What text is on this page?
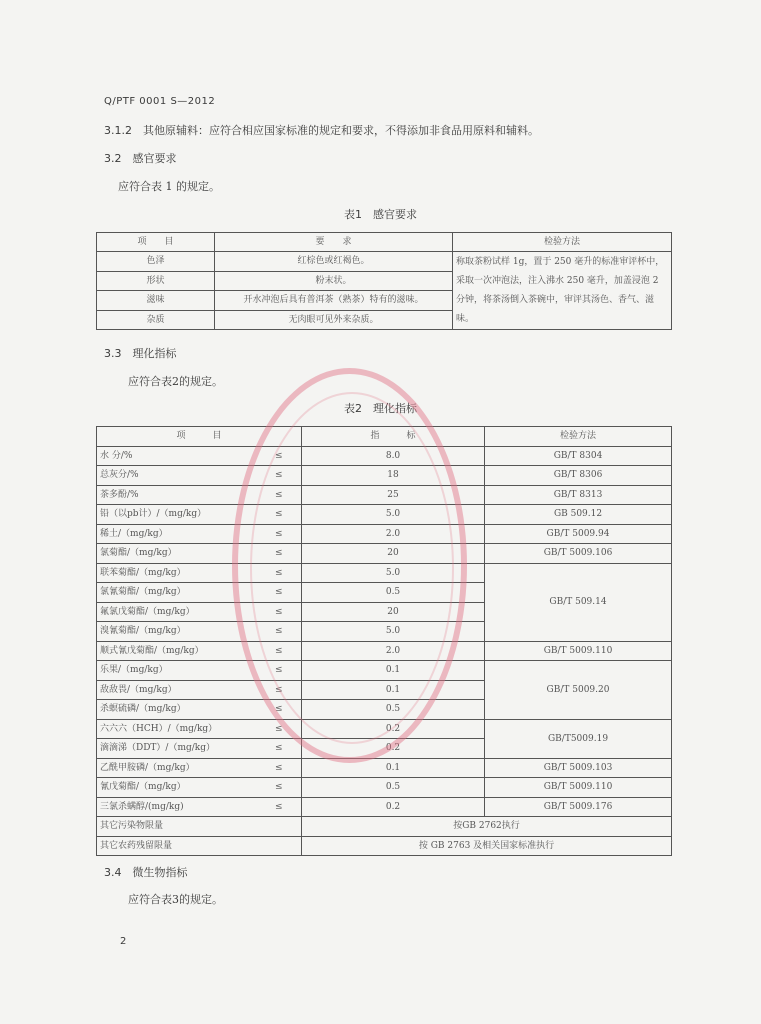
Q/PTF 0001 S—2012
3.1.2　其他原辅料：应符合相应国家标准的规定和要求，不得添加非食品用原料和辅料。
3.2　感官要求
应符合表 1 的规定。
表1　感官要求
项　　目	要　　求	检验方法
色泽	红棕色或红褐色。	称取茶粉试样 1g，置于 250 毫升的标准审评杯中，采取一次冲泡法，注入沸水 250 毫升，加盖浸泡 2 分钟，将茶汤倒入茶碗中，审评其汤色、香气、滋味。
形状	粉末状。	
滋味	开水冲泡后具有普洱茶（熟茶）特有的滋味。	
杂质	无肉眼可见外来杂质。	
3.3　理化指标
应符合表2的规定。
表2　理化指标
项　　　目		指　　　标	检验方法
水 分/%	≤	8.0	GB/T 8304
总灰分/%	≤	18	GB/T 8306
茶多酚/%	≤	25	GB/T 8313
铅（以pb计）/（mg/kg）	≤	5.0	GB 509.12
稀土/（mg/kg）	≤	2.0	GB/T 5009.94
氯菊酯/（mg/kg）	≤	20	GB/T 5009.106
联苯菊酯/（mg/kg）	≤	5.0	GB/T 509.14
氯氰菊酯/（mg/kg）	≤	0.5	
氟氯戊菊酯/（mg/kg）	≤	20	
溴氰菊酯/（mg/kg）	≤	5.0	
顺式氰戊菊酯/（mg/kg）	≤	2.0	GB/T 5009.110
乐果/（mg/kg）	≤	0.1	GB/T 5009.20
敌敌畏/（mg/kg）	≤	0.1	
杀螟硫磷/（mg/kg）	≤	0.5	
六六六（HCH）/（mg/kg）	≤	0.2	GB/T5009.19
滴滴涕（DDT）/（mg/kg）	≤	0.2	
乙酰甲胺磷/（mg/kg）	≤	0.1	GB/T 5009.103
氰戊菊酯/（mg/kg）	≤	0.5	GB/T 5009.110
三氯杀螨醇/(mg/kg)	≤	0.2	GB/T 5009.176
其它污染物限量		按GB 2762执行	
其它农药残留限量		按 GB 2763 及相关国家标准执行	
3.4　微生物指标
应符合表3的规定。
2
